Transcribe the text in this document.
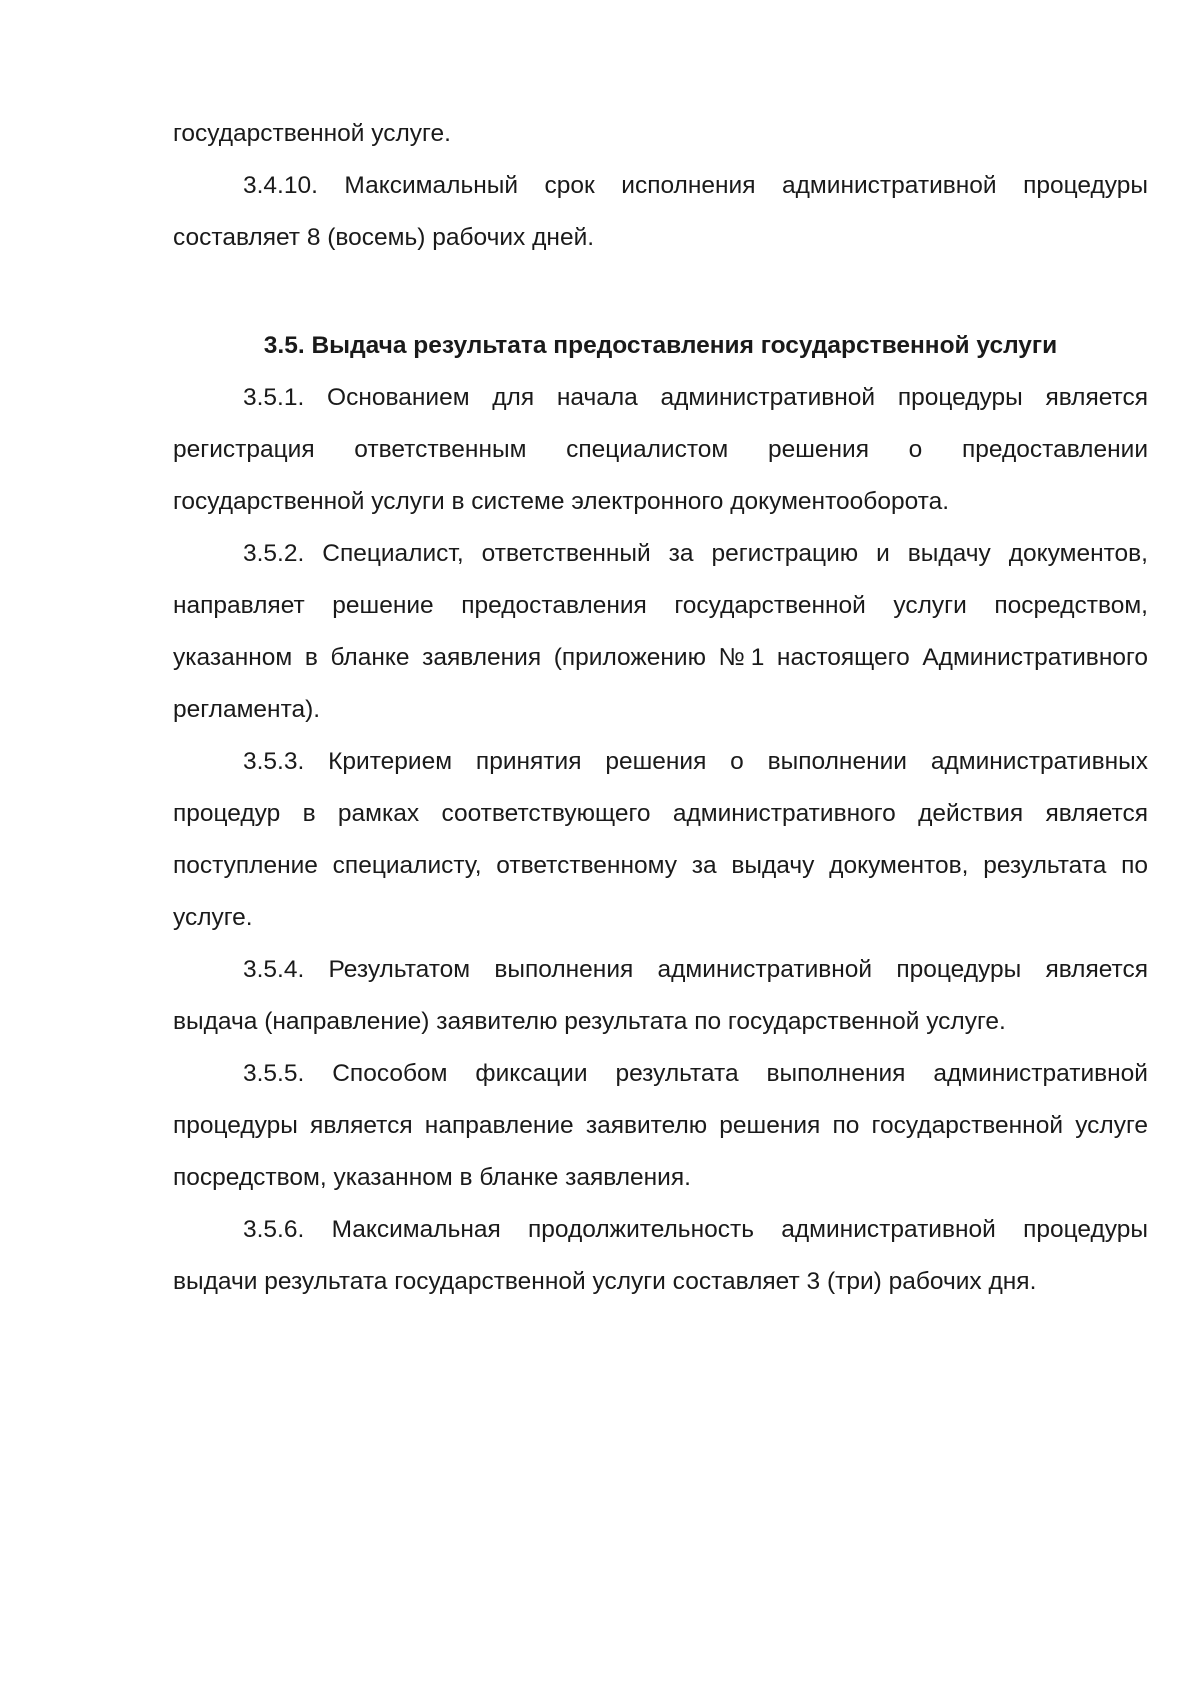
государственной услуге.

3.4.10. Максимальный срок исполнения административной процедуры составляет 8 (восемь) рабочих дней.

3.5. Выдача результата предоставления государственной услуги

3.5.1. Основанием для начала административной процедуры является регистрация ответственным специалистом решения о предоставлении государственной услуги в системе электронного документооборота.

3.5.2. Специалист, ответственный за регистрацию и выдачу документов, направляет решение предоставления государственной услуги посредством, указанном в бланке заявления (приложению №1 настоящего Административного регламента).

3.5.3. Критерием принятия решения о выполнении административных процедур в рамках соответствующего административного действия является поступление специалисту, ответственному за выдачу документов, результата по услуге.

3.5.4. Результатом выполнения административной процедуры является выдача (направление) заявителю результата по государственной услуге.

3.5.5. Способом фиксации результата выполнения административной процедуры является направление заявителю решения по государственной услуге посредством, указанном в бланке заявления.

3.5.6. Максимальная продолжительность административной процедуры выдачи результата государственной услуги составляет 3 (три) рабочих дня.
